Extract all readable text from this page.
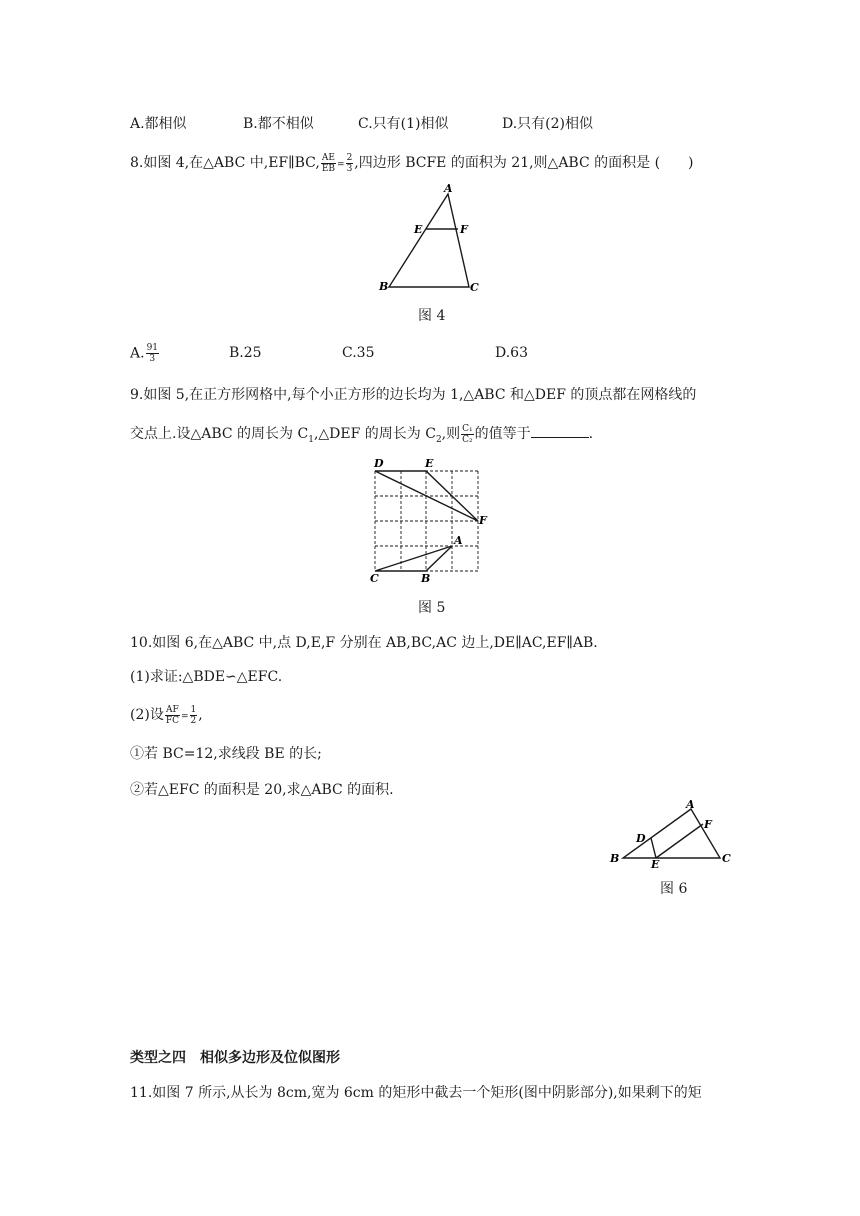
A.都相似	B.都不相似	C.只有(1)相似	D.只有(2)相似
8.如图 4,在△ABC 中,EF∥BC, $\frac{AE}{EB} = \frac{2}{3}$ ,四边形 BCFE 的面积为 21,则△ABC 的面积是 (　　)
A
E	F
B	C
图 4
A. $\frac{91}{3}$	B.25	C.35	D.63
9.如图 5,在正方形网格中,每个小正方形的边长均为 1,△ABC 和△DEF 的顶点都在网格线的
交点上.设△ABC 的周长为 $C_1,\triangle DEF$ 的周长为 $C_2$,则 $\frac{\text{C₁}}{\text{C₂}}$ 的值等于	.
D	E
F
A
C	B
图 5
10.如图 6,在△ABC 中,点 D,E,F 分别在 AB,BC,AC 边上,DE∥AC,EF∥AB.
(1)求证:△BDE∽△EFC.
(2)设 $\frac{AF}{FC} = \frac{1}{2}$ ,
①若 BC=12,求线段 BE 的长;
②若△EFC 的面积是 20,求△ABC 的面积.
A
D
F
B	E	C
图 6
类型之四　相似多边形及位似图形
11.如图 7 所示,从长为 8cm,宽为 6cm 的矩形中截去一个矩形(图中阴影部分),如果剩下的矩
